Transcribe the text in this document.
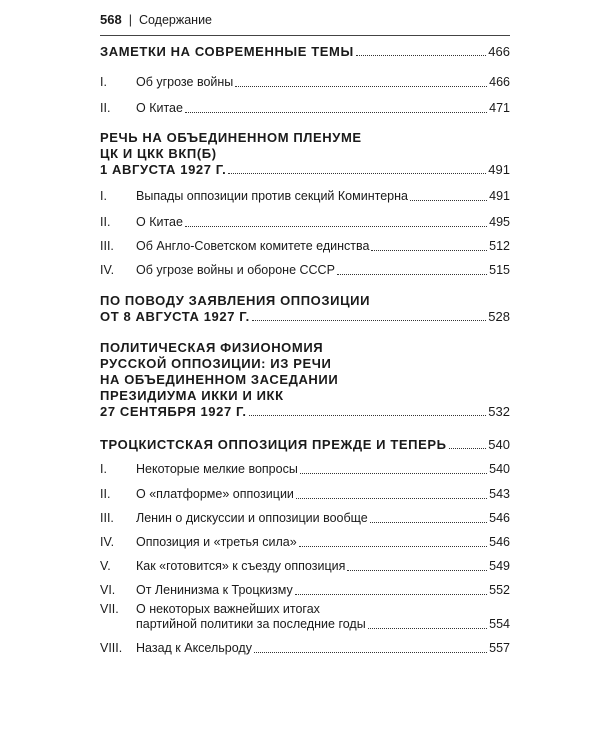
568 | Содержание
ЗАМЕТКИ НА СОВРЕМЕННЫЕ ТЕМЫ	466
I.	Об угрозе войны	466
II.	О Китае	471
РЕЧЬ НА ОБЪЕДИНЕННОМ ПЛЕНУМЕ
ЦК И ЦКК ВКП(Б)
1 АВГУСТА 1927 Г.	491
I.	Выпады оппозиции против секций Коминтерна	491
II.	О Китае	495
III.	Об Англо-Советском комитете единства	512
IV.	Об угрозе войны и обороне СССР	515
ПО ПОВОДУ ЗАЯВЛЕНИЯ ОППОЗИЦИИ
ОТ 8 АВГУСТА 1927 Г.	528
ПОЛИТИЧЕСКАЯ ФИЗИОНОМИЯ
РУССКОЙ ОППОЗИЦИИ: ИЗ РЕЧИ
НА ОБЪЕДИНЕННОМ ЗАСЕДАНИИ
ПРЕЗИДИУМА ИККИ И ИКК
27 СЕНТЯБРЯ 1927 Г.	532
ТРОЦКИСТСКАЯ ОППОЗИЦИЯ ПРЕЖДЕ И ТЕПЕРЬ	540
I.	Некоторые мелкие вопросы	540
II.	О «платформе» оппозиции	543
III.	Ленин о дискуссии и оппозиции вообще	546
IV.	Оппозиция и «третья сила»	546
V.	Как «готовится» к съезду оппозиция	549
VI.	От Ленинизма к Троцкизму	552
VII.	О некоторых важнейших итогах
партийной политики за последние годы	554
VIII.	Назад к Аксельроду	557
